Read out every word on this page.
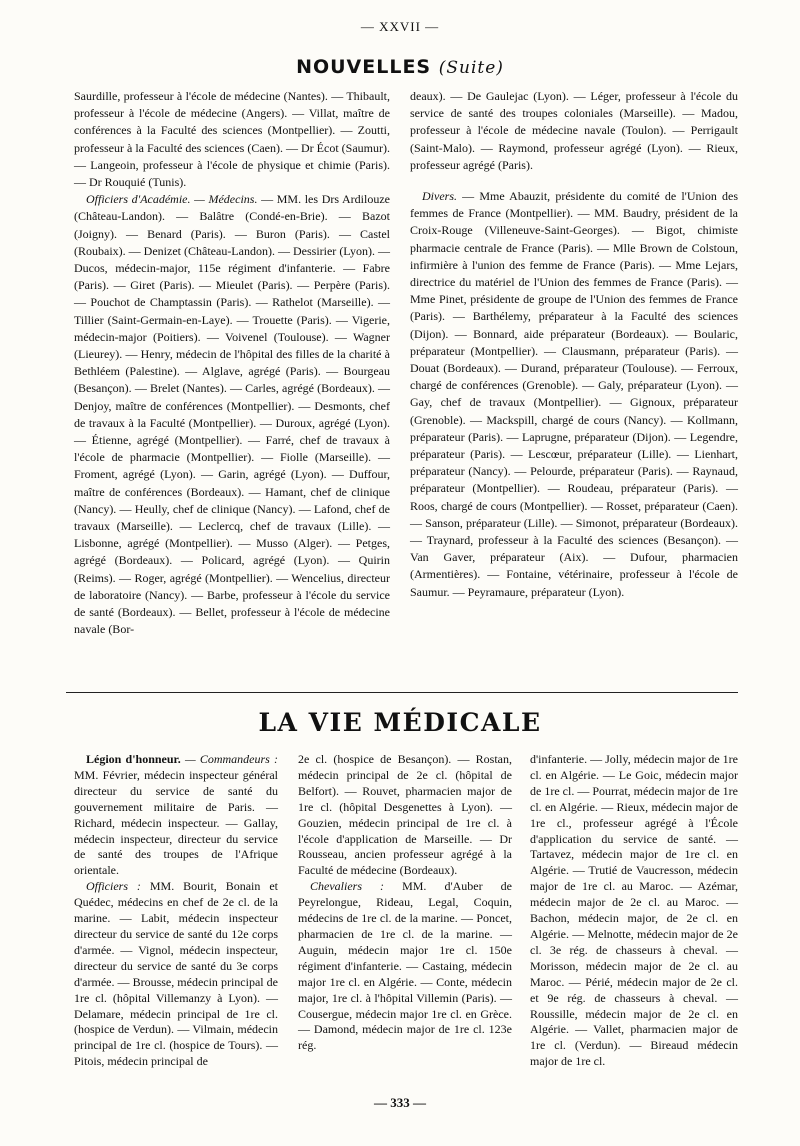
— XXVII —
NOUVELLES (Suite)

Saurdille, professeur à l'école de médecine (Nantes). — Thibault, professeur à l'école de médecine (Angers). — Villat, maître de conférences à la Faculté des sciences (Montpellier). — Zoutti, professeur à la Faculté des sciences (Caen). — Dr Écot (Saumur). — Langeoin, professeur à l'école de physique et chimie (Paris). — Dr Rouquié (Tunis).

Officiers d'Académie. — Médecins. — MM. les Drs Ardilouze (Château-Landon). — Balâtre (Condé-en-Brie). — Bazot (Joigny). — Benard (Paris). — Buron (Paris). — Castel (Roubaix). — Denizet (Château-Landon). — Dessirier (Lyon). — Ducos, médecin-major, 115e régiment d'infanterie. — Fabre (Paris). — Giret (Paris). — Mieulet (Paris). — Perpère (Paris). — Pouchot de Champtassin (Paris). — Rathelot (Marseille). — Tillier (Saint-Germain-en-Laye). — Trouette (Paris). — Vigerie, médecin-major (Poitiers). — Voivenel (Toulouse). — Wagner (Lieurey). — Henry, médecin de l'hôpital des filles de la charité à Bethléem (Palestine). — Alglave, agrégé (Paris). — Bourgeau (Besançon). — Brelet (Nantes). — Carles, agrégé (Bordeaux). — Denjoy, maître de conférences (Montpellier). — Desmonts, chef de travaux à la Faculté (Montpellier). — Duroux, agrégé (Lyon). — Étienne, agrégé (Montpellier). — Farré, chef de travaux à l'école de pharmacie (Montpellier). — Fiolle (Marseille). — Froment, agrégé (Lyon). — Garin, agrégé (Lyon). — Duffour, maître de conférences (Bordeaux). — Hamant, chef de clinique (Nancy). — Heully, chef de clinique (Nancy). — Lafond, chef de travaux (Marseille). — Leclercq, chef de travaux (Lille). — Lisbonne, agrégé (Montpellier). — Musso (Alger). — Petges, agrégé (Bordeaux). — Policard, agrégé (Lyon). — Quirin (Reims). — Roger, agrégé (Montpellier). — Wencelius, directeur de laboratoire (Nancy). — Barbe, professeur à l'école du service de santé (Bordeaux). — Bellet, professeur à l'école de médecine navale (Bor-

deaux). — De Gaulejac (Lyon). — Léger, professeur à l'école du service de santé des troupes coloniales (Marseille). — Madou, professeur à l'école de médecine navale (Toulon). — Perrigault (Saint-Malo). — Raymond, professeur agrégé (Lyon). — Rieux, professeur agrégé (Paris).

Divers. — Mme Abauzit, présidente du comité de l'Union des femmes de France (Montpellier). — MM. Baudry, président de la Croix-Rouge (Villeneuve-Saint-Georges). — Bigot, chimiste pharmacie centrale de France (Paris). — Mlle Brown de Colstoun, infirmière à l'union des femme de France (Paris). — Mme Lejars, directrice du matériel de l'Union des femmes de France (Paris). — Mme Pinet, présidente de groupe de l'Union des femmes de France (Paris). — Barthélemy, préparateur à la Faculté des sciences (Dijon). — Bonnard, aide préparateur (Bordeaux). — Boularic, préparateur (Montpellier). — Clausmann, préparateur (Paris). — Douat (Bordeaux). — Durand, préparateur (Toulouse). — Ferroux, chargé de conférences (Grenoble). — Galy, préparateur (Lyon). — Gay, chef de travaux (Montpellier). — Gignoux, préparateur (Grenoble). — Mackspill, chargé de cours (Nancy). — Kollmann, préparateur (Paris). — Laprugne, préparateur (Dijon). — Legendre, préparateur (Paris). — Lescœur, préparateur (Lille). — Lienhart, préparateur (Nancy). — Pelourde, préparateur (Paris). — Raynaud, préparateur (Montpellier). — Roudeau, préparateur (Paris). — Roos, chargé de cours (Montpellier). — Rosset, préparateur (Caen). — Sanson, préparateur (Lille). — Simonot, préparateur (Bordeaux). — Traynard, professeur à la Faculté des sciences (Besançon). — Van Gaver, préparateur (Aix). — Dufour, pharmacien (Armentières). — Fontaine, vétérinaire, professeur à l'école de Saumur. — Peyramaure, préparateur (Lyon).

LA VIE MÉDICALE

Légion d'honneur. — Commandeurs : MM. Février, médecin inspecteur général directeur du service de santé du gouvernement militaire de Paris. — Richard, médecin inspecteur. — Gallay, médecin inspecteur, directeur du service de santé des troupes de l'Afrique orientale.

Officiers : MM. Bourit, Bonain et Quédec, médecins en chef de 2e cl. de la marine. — Labit, médecin inspecteur directeur du service de santé du 12e corps d'armée. — Vignol, médecin inspecteur, directeur du service de santé du 3e corps d'armée. — Brousse, médecin principal de 1re cl. (hôpital Villemanzy à Lyon). — Delamare, médecin principal de 1re cl. (hospice de Verdun). — Vilmain, médecin principal de 1re cl. (hospice de Tours). — Pitois, médecin principal de

2e cl. (hospice de Besançon). — Rostan, médecin principal de 2e cl. (hôpital de Belfort). — Rouvet, pharmacien major de 1re cl. (hôpital Desgenettes à Lyon). — Gouzien, médecin principal de 1re cl. à l'école d'application de Marseille. — Dr Rousseau, ancien professeur agrégé à la Faculté de médecine (Bordeaux).

Chevaliers : MM. d'Auber de Peyrelongue, Rideau, Legal, Coquin, médecins de 1re cl. de la marine. — Poncet, pharmacien de 1re cl. de la marine. — Auguin, médecin major 1re cl. 150e régiment d'infanterie. — Castaing, médecin major 1re cl. en Algérie. — Conte, médecin major, 1re cl. à l'hôpital Villemin (Paris). — Cousergue, médecin major 1re cl. en Grèce. — Damond, médecin major de 1re cl. 123e rég.

d'infanterie. — Jolly, médecin major de 1re cl. en Algérie. — Le Goic, médecin major de 1re cl. — Pourrat, médecin major de 1re cl. en Algérie. — Rieux, médecin major de 1re cl., professeur agrégé à l'École d'application du service de santé. — Tartavez, médecin major de 1re cl. en Algérie. — Trutié de Vaucresson, médecin major de 1re cl. au Maroc. — Azémar, médecin major de 2e cl. au Maroc. — Bachon, médecin major, de 2e cl. en Algérie. — Melnotte, médecin major de 2e cl. 3e rég. de chasseurs à cheval. — Morisson, médecin major de 2e cl. au Maroc. — Périé, médecin major de 2e cl. et 9e rég. de chasseurs à cheval. — Roussille, médecin major de 2e cl. en Algérie. — Vallet, pharmacien major de 1re cl. (Verdun). — Bireaud médecin major de 1re cl.

— 333 —
